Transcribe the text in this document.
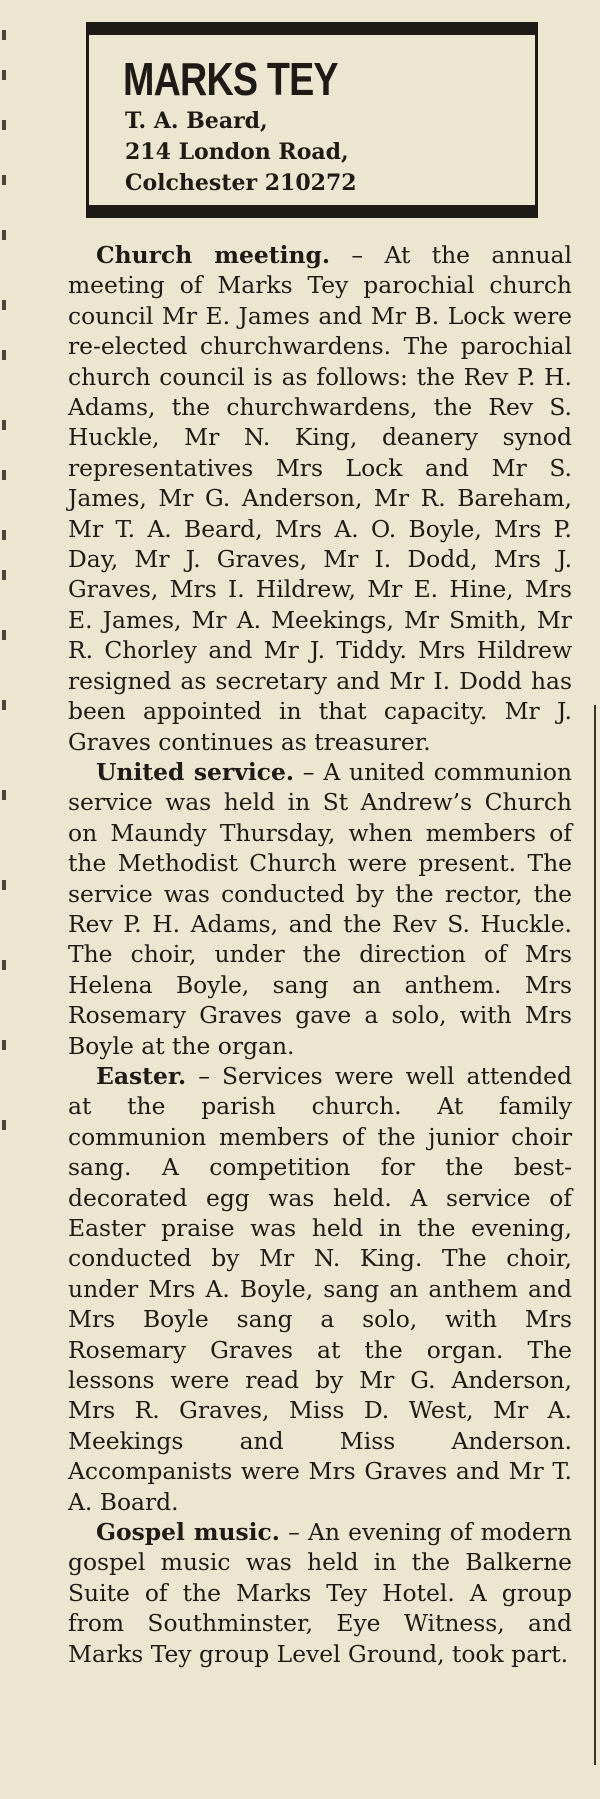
MARKS TEY
T. A. Beard,
214 London Road,
Colchester 210272

Church meeting. – At the annual meeting of Marks Tey parochial church council Mr E. James and Mr B. Lock were re-elected churchwardens. The parochial church council is as follows: the Rev P. H. Adams, the churchwardens, the Rev S. Huckle, Mr N. King, deanery synod representatives Mrs Lock and Mr S. James, Mr G. Anderson, Mr R. Bareham, Mr T. A. Beard, Mrs A. O. Boyle, Mrs P. Day, Mr J. Graves, Mr I. Dodd, Mrs J. Graves, Mrs I. Hildrew, Mr E. Hine, Mrs E. James, Mr A. Meekings, Mr Smith, Mr R. Chorley and Mr J. Tiddy. Mrs Hildrew resigned as secretary and Mr I. Dodd has been appointed in that capacity. Mr J. Graves continues as treasurer.

United service. – A united communion service was held in St Andrew’s Church on Maundy Thursday, when members of the Methodist Church were present. The service was conducted by the rector, the Rev P. H. Adams, and the Rev S. Huckle. The choir, under the direction of Mrs Helena Boyle, sang an anthem. Mrs Rosemary Graves gave a solo, with Mrs Boyle at the organ.

Easter. – Services were well attended at the parish church. At family communion members of the junior choir sang. A competition for the best-decorated egg was held. A service of Easter praise was held in the evening, conducted by Mr N. King. The choir, under Mrs A. Boyle, sang an anthem and Mrs Boyle sang a solo, with Mrs Rosemary Graves at the organ. The lessons were read by Mr G. Anderson, Mrs R. Graves, Miss D. West, Mr A. Meekings and Miss Anderson. Accompanists were Mrs Graves and Mr T. A. Board.

Gospel music. – An evening of modern gospel music was held in the Balkerne Suite of the Marks Tey Hotel. A group from Southminster, Eye Witness, and Marks Tey group Level Ground, took part.
